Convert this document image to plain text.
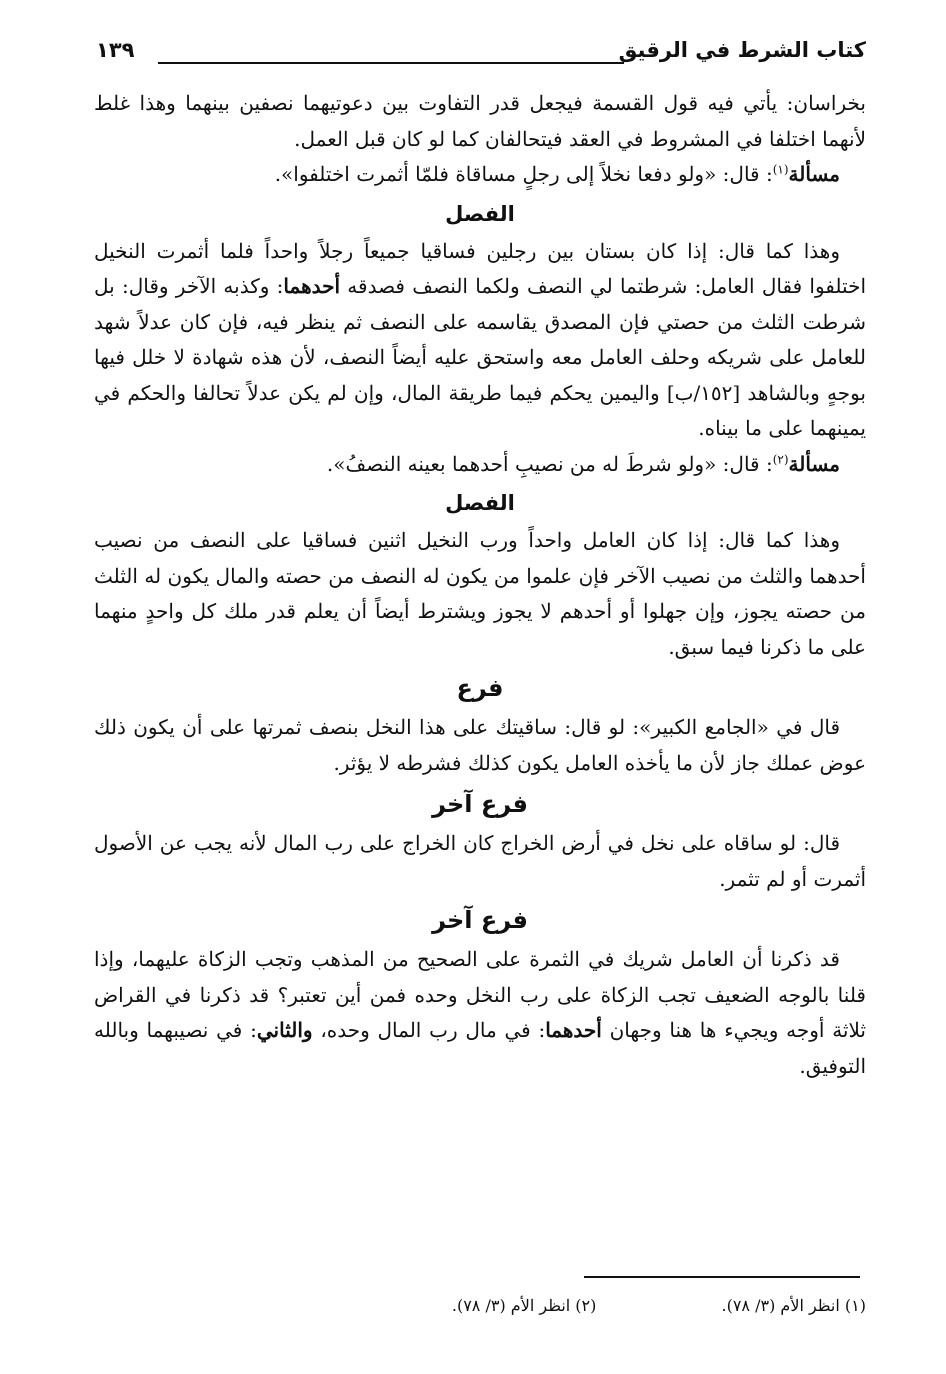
كتاب الشرط في الرقيق
١٣٩

بخراسان: يأتي فيه قول القسمة فيجعل قدر التفاوت بين دعوتيهما نصفين بينهما وهذا غلط لأنهما اختلفا في المشروط في العقد فيتحالفان كما لو كان قبل العمل.

مسألة$^{(١)}$: قال: «ولو دفعا نخلاً إلى رجلٍ مساقاة فلمّا أثمرت اختلفوا».

الفصل

وهذا كما قال: إذا كان بستان بين رجلين فساقيا جميعاً رجلاً واحداً فلما أثمرت النخيل اختلفوا فقال العامل: شرطتما لي النصف ولكما النصف فصدقه أحدهما: وكذبه الآخر وقال: بل شرطت الثلث من حصتي فإن المصدق يقاسمه على النصف ثم ينظر فيه، فإن كان عدلاً شهد للعامل على شريكه وحلف العامل معه واستحق عليه أيضاً النصف، لأن هذه شهادة لا خلل فيها بوجهٍ وبالشاهد [١٥٢/ب] واليمين يحكم فيما طريقة المال، وإن لم يكن عدلاً تحالفا والحكم في يمينهما على ما بيناه.

مسألة$^{(٢)}$: قال: «ولو شرطَ له من نصيبِ أحدهما بعينه النصفُ».

الفصل

وهذا كما قال: إذا كان العامل واحداً ورب النخيل اثنين فساقيا على النصف من نصيب أحدهما والثلث من نصيب الآخر فإن علموا من يكون له النصف من حصته والمال يكون له الثلث من حصته يجوز، وإن جهلوا أو أحدهم لا يجوز ويشترط أيضاً أن يعلم قدر ملك كل واحدٍ منهما على ما ذكرنا فيما سبق.

فرع

قال في «الجامع الكبير»: لو قال: ساقيتك على هذا النخل بنصف ثمرتها على أن يكون ذلك عوض عملك جاز لأن ما يأخذه العامل يكون كذلك فشرطه لا يؤثر.

فرع آخر

قال: لو ساقاه على نخل في أرض الخراج كان الخراج على رب المال لأنه يجب عن الأصول أثمرت أو لم تثمر.

فرع آخر

قد ذكرنا أن العامل شريك في الثمرة على الصحيح من المذهب وتجب الزكاة عليهما، وإذا قلنا بالوجه الضعيف تجب الزكاة على رب النخل وحده فمن أين تعتبر؟ قد ذكرنا في القراض ثلاثة أوجه ويجيء ها هنا وجهان أحدهما: في مال رب المال وحده، والثاني: في نصيبهما وبالله التوفيق.

(١) انظر الأم (٣/ ٧٨). (٢) انظر الأم (٣/ ٧٨).
